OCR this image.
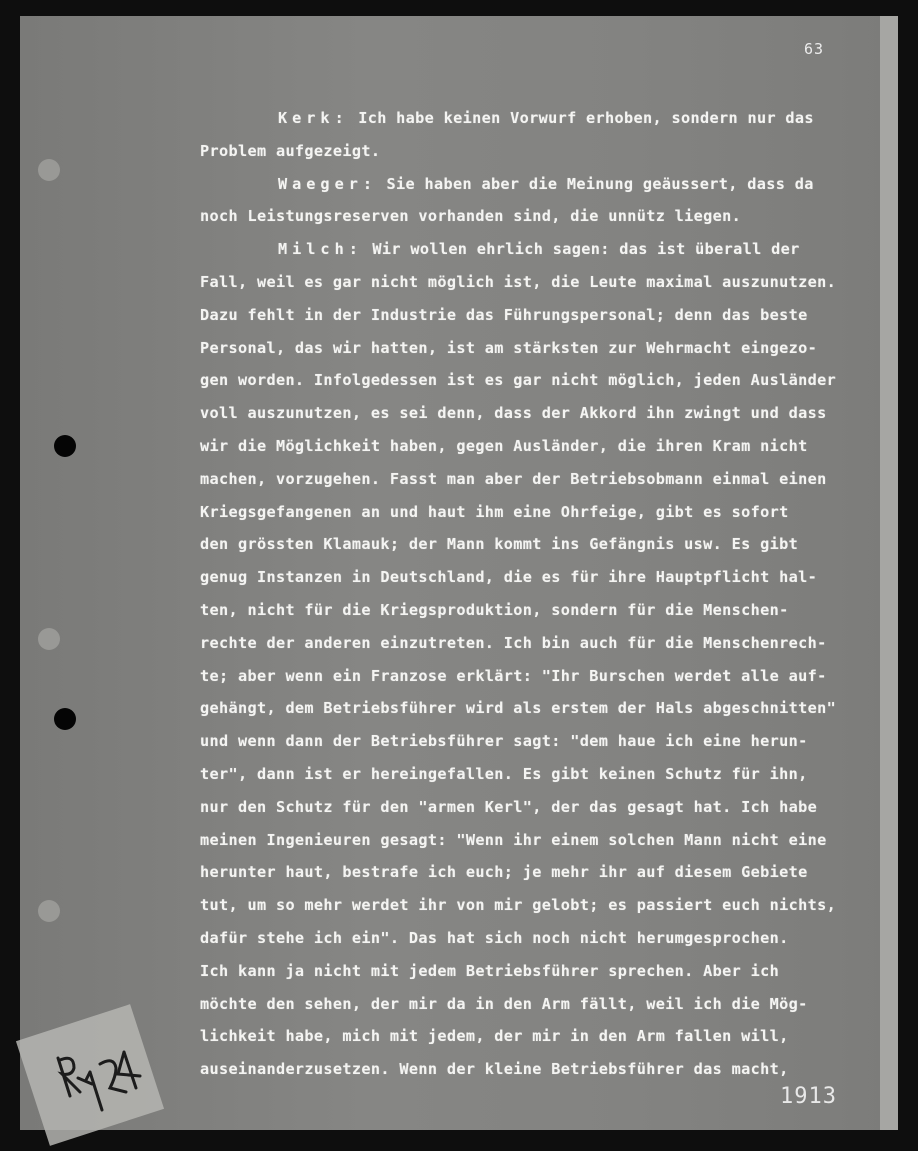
63
Kerk: Ich habe keinen Vorwurf erhoben, sondern nur das
Problem aufgezeigt.
Waeger: Sie haben aber die Meinung geäussert, dass da
noch Leistungsreserven vorhanden sind, die unnütz liegen.
Milch: Wir wollen ehrlich sagen: das ist überall der
Fall, weil es gar nicht möglich ist, die Leute maximal auszunutzen.
Dazu fehlt in der Industrie das Führungspersonal; denn das beste
Personal, das wir hatten, ist am stärksten zur Wehrmacht eingezo-
gen worden. Infolgedessen ist es gar nicht möglich, jeden Ausländer
voll auszunutzen, es sei denn, dass der Akkord ihn zwingt und dass
wir die Möglichkeit haben, gegen Ausländer, die ihren Kram nicht
machen, vorzugehen. Fasst man aber der Betriebsobmann einmal einen
Kriegsgefangenen an und haut ihm eine Ohrfeige, gibt es sofort
den grössten Klamauk; der Mann kommt ins Gefängnis usw. Es gibt
genug Instanzen in Deutschland, die es für ihre Hauptpflicht hal-
ten, nicht für die Kriegsproduktion, sondern für die Menschen-
rechte der anderen einzutreten. Ich bin auch für die Menschenrech-
te; aber wenn ein Franzose erklärt: "Ihr Burschen werdet alle auf-
gehängt, dem Betriebsführer wird als erstem der Hals abgeschnitten"
und wenn dann der Betriebsführer sagt: "dem haue ich eine herun-
ter", dann ist er hereingefallen. Es gibt keinen Schutz für ihn,
nur den Schutz für den "armen Kerl", der das gesagt hat. Ich habe
meinen Ingenieuren gesagt: "Wenn ihr einem solchen Mann nicht eine
herunter haut, bestrafe ich euch; je mehr ihr auf diesem Gebiete
tut, um so mehr werdet ihr von mir gelobt; es passiert euch nichts,
dafür stehe ich ein". Das hat sich noch nicht herumgesprochen.
Ich kann ja nicht mit jedem Betriebsführer sprechen. Aber ich
möchte den sehen, der mir da in den Arm fällt, weil ich die Mög-
lichkeit habe, mich mit jedem, der mir in den Arm fallen will,
auseinanderzusetzen. Wenn der kleine Betriebsführer das macht,
1913
